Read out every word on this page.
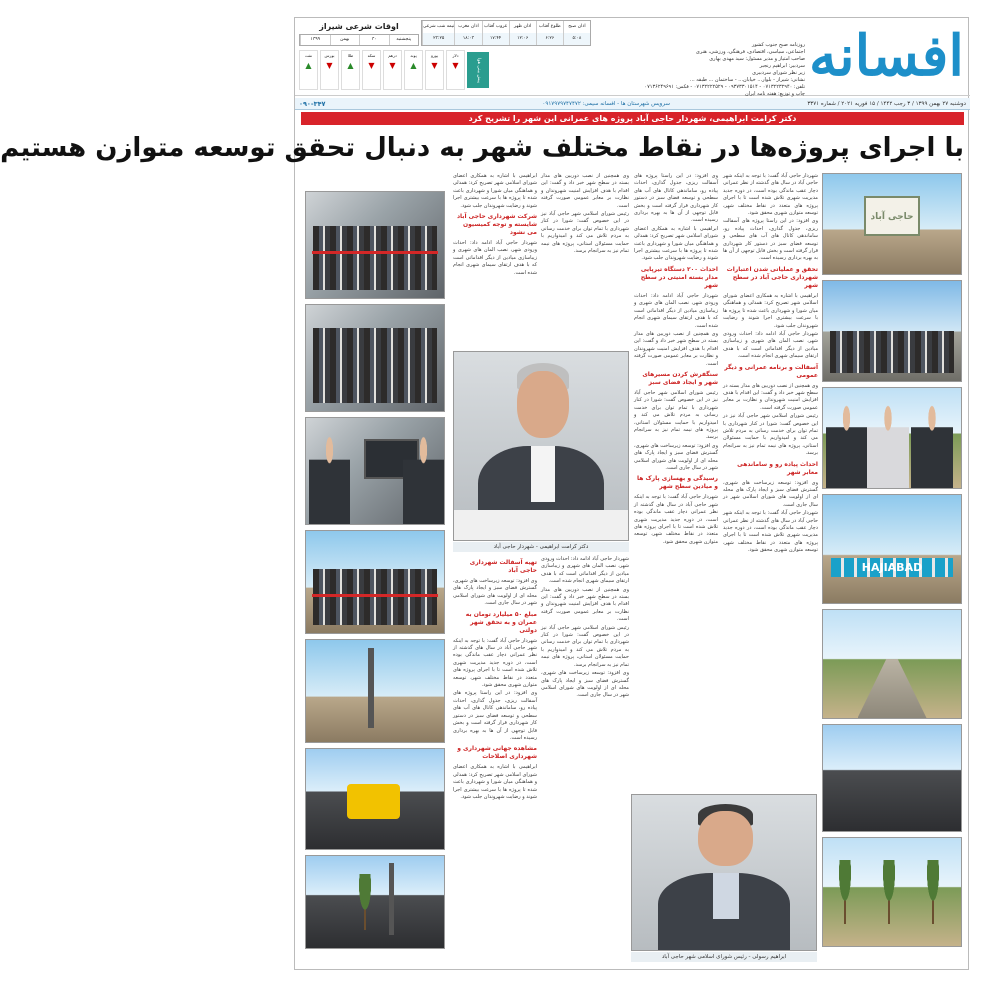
افسانه
روزنامه صبح جنوب کشور
اجتماعی، سیاسی، اقتصادی، فرهنگی، ورزشی، هنری
صاحب امتیاز و مدیر مسئول: سید مهدی بهاری
سردبیر: ابراهیم رنجبر
زیر نظر شورای سردبیری
نشانی: شیراز - بلوار... خیابان... - ساختمان ... طبقه ...
تلفن: ۰۷۱۳۲۲۳۲۹۴۰ - ۰۹۳۷۳۳۰۱۵۱۴ - ۰۷۱۳۲۲۲۲۵۲۹ - فکس: ۰۷۱۳۶۲۴۹۶۹۱
چاپ و توزیع: هفته نامه ایران
اوقات شرعی شیراز	اذان صبح
طلوع آفتاب
اذان ظهر
غروب آفتاب
اذان مغرب
نیمه شب شرعی
۵:۰۸
۶:۲۶
۱۲:۰۶
۱۷:۴۴
۱۸:۰۳
۲۳:۲۵
پنجشنبه
۳۰
بهمن
۱۳۹۹
دلار
▼
یورو
▼
پوند
▲
درهم
▼
سکه
▼
طلا
▲
بورس
▼
نفت
▲	پیش بینی هوا
دوشنبه ۲۷ بهمن ۱۳۹۹ / ۳ رجب ۱۴۴۲ / ۱۵ فوریه ۲۰۲۱ / شماره ۳۳۷۱
سرویس شهرستان ها - افسانه سیمی: ۰۹۱۷۹۷۹۷۴۷۴۷۲
۰۹۰-۳۴۷
دکتر کرامت ابراهیمی، شهردار حاجی آباد پروژه های عمرانی این شهر را تشریح کرد
با اجرای پروژه‌ها در نقاط مختلف شهر به دنبال تحقق توسعه متوازن هستیم
حاجی آباد
HAJIABAD
دکتر کرامت ابراهیمی - شهردار حاجی آباد
ابراهیم رسولی - رئیس شورای اسلامی شهر حاجی آباد

شهردار حاجی آباد گفت: با توجه به اینکه شهر حاجی آباد در سال های گذشته از نظر عمرانی دچار عقب ماندگی بوده است، در دوره جدید مدیریت شهری تلاش شده است تا با اجرای پروژه های متعدد در نقاط مختلف شهر، توسعه متوازن شهری محقق شود.

وی افزود: در این راستا پروژه های آسفالت ریزی، جدول گذاری، احداث پیاده رو، ساماندهی کانال های آب های سطحی و توسعه فضای سبز در دستور کار شهرداری قرار گرفته است و بخش قابل توجهی از آن ها به بهره برداری رسیده است.

تحقق و عملیاتی شدن اعتبارات شهرداری حاجی آباد در سطح شهر

ابراهیمی با اشاره به همکاری اعضای شورای اسلامی شهر تصریح کرد: همدلی و هماهنگی میان شورا و شهرداری باعث شده تا پروژه ها با سرعت بیشتری اجرا شوند و رضایت شهروندان جلب شود.

شهردار حاجی آباد ادامه داد: احداث ورودی شهر، نصب المان های شهری و زیباسازی میادین از دیگر اقداماتی است که با هدف ارتقای سیمای شهری انجام شده است.

آسفالت و برنامه عمرانی و دیگر عمومی

وی همچنین از نصب دوربین های مدار بسته در سطح شهر خبر داد و گفت: این اقدام با هدف افزایش امنیت شهروندان و نظارت بر معابر عمومی صورت گرفته است.

رئیس شورای اسلامی شهر حاجی آباد نیز در این خصوص گفت: شورا در کنار شهرداری با تمام توان برای خدمت رسانی به مردم تلاش می کند و امیدواریم با حمایت مسئولان استانی، پروژه های نیمه تمام نیز به سرانجام برسد.

احداث پیاده رو و ساماندهی معابر شهر

وی افزود: توسعه زیرساخت های شهری، گسترش فضای سبز و ایجاد پارک های محله ای از اولویت های شورای اسلامی شهر در سال جاری است.

شهردار حاجی آباد گفت: با توجه به اینکه شهر حاجی آباد در سال های گذشته از نظر عمرانی دچار عقب ماندگی بوده است، در دوره جدید مدیریت شهری تلاش شده است تا با اجرای پروژه های متعدد در نقاط مختلف شهر، توسعه متوازن شهری محقق شود.

وی افزود: در این راستا پروژه های آسفالت ریزی، جدول گذاری، احداث پیاده رو، ساماندهی کانال های آب های سطحی و توسعه فضای سبز در دستور کار شهرداری قرار گرفته است و بخش قابل توجهی از آن ها به بهره برداری رسیده است.

ابراهیمی با اشاره به همکاری اعضای شورای اسلامی شهر تصریح کرد: همدلی و هماهنگی میان شورا و شهرداری باعث شده تا پروژه ها با سرعت بیشتری اجرا شوند و رضایت شهروندان جلب شود.

احداث ۲۰۰ دستگاه تیرپایی مدار بسته امنیتی در سطح شهر

شهردار حاجی آباد ادامه داد: احداث ورودی شهر، نصب المان های شهری و زیباسازی میادین از دیگر اقداماتی است که با هدف ارتقای سیمای شهری انجام شده است.

وی همچنین از نصب دوربین های مدار بسته در سطح شهر خبر داد و گفت: این اقدام با هدف افزایش امنیت شهروندان و نظارت بر معابر عمومی صورت گرفته است.

سنگفرش کردن مسیرهای شهر و ایجاد فضای سبز

رئیس شورای اسلامی شهر حاجی آباد نیز در این خصوص گفت: شورا در کنار شهرداری با تمام توان برای خدمت رسانی به مردم تلاش می کند و امیدواریم با حمایت مسئولان استانی، پروژه های نیمه تمام نیز به سرانجام برسد.

وی افزود: توسعه زیرساخت های شهری، گسترش فضای سبز و ایجاد پارک های محله ای از اولویت های شورای اسلامی شهر در سال جاری است.

رسیدگی و بهسازی پارک ها و میادین سطح شهر

شهردار حاجی آباد گفت: با توجه به اینکه شهر حاجی آباد در سال های گذشته از نظر عمرانی دچار عقب ماندگی بوده است، در دوره جدید مدیریت شهری تلاش شده است تا با اجرای پروژه های متعدد در نقاط مختلف شهر، توسعه متوازن شهری محقق شود.

ابراهیمی با اشاره به همکاری اعضای شورای اسلامی شهر تصریح کرد: همدلی و هماهنگی میان شورا و شهرداری باعث شده تا پروژه ها با سرعت بیشتری اجرا شوند و رضایت شهروندان جلب شود.

شرکت شهرداری حاجی آباد شایسته و توجه کمیسیون می نشود

شهردار حاجی آباد ادامه داد: احداث ورودی شهر، نصب المان های شهری و زیباسازی میادین از دیگر اقداماتی است که با هدف ارتقای سیمای شهری انجام شده است.

وی همچنین از نصب دوربین های مدار بسته در سطح شهر خبر داد و گفت: این اقدام با هدف افزایش امنیت شهروندان و نظارت بر معابر عمومی صورت گرفته است.

رئیس شورای اسلامی شهر حاجی آباد نیز در این خصوص گفت: شورا در کنار شهرداری با تمام توان برای خدمت رسانی به مردم تلاش می کند و امیدواریم با حمایت مسئولان استانی، پروژه های نیمه تمام نیز به سرانجام برسد.

تهیه آسفالت شهرداری حاجی آباد

وی افزود: توسعه زیرساخت های شهری، گسترش فضای سبز و ایجاد پارک های محله ای از اولویت های شورای اسلامی شهر در سال جاری است.

مبلغ ۵۰ میلیارد تومان به عمران و به تحقق شهر دولتی

شهردار حاجی آباد گفت: با توجه به اینکه شهر حاجی آباد در سال های گذشته از نظر عمرانی دچار عقب ماندگی بوده است، در دوره جدید مدیریت شهری تلاش شده است تا با اجرای پروژه های متعدد در نقاط مختلف شهر، توسعه متوازن شهری محقق شود.

وی افزود: در این راستا پروژه های آسفالت ریزی، جدول گذاری، احداث پیاده رو، ساماندهی کانال های آب های سطحی و توسعه فضای سبز در دستور کار شهرداری قرار گرفته است و بخش قابل توجهی از آن ها به بهره برداری رسیده است.

مشاهده جهانی شهرداری و شهرداری اصلاحات

ابراهیمی با اشاره به همکاری اعضای شورای اسلامی شهر تصریح کرد: همدلی و هماهنگی میان شورا و شهرداری باعث شده تا پروژه ها با سرعت بیشتری اجرا شوند و رضایت شهروندان جلب شود.

شهردار حاجی آباد ادامه داد: احداث ورودی شهر، نصب المان های شهری و زیباسازی میادین از دیگر اقداماتی است که با هدف ارتقای سیمای شهری انجام شده است.

وی همچنین از نصب دوربین های مدار بسته در سطح شهر خبر داد و گفت: این اقدام با هدف افزایش امنیت شهروندان و نظارت بر معابر عمومی صورت گرفته است.

رئیس شورای اسلامی شهر حاجی آباد نیز در این خصوص گفت: شورا در کنار شهرداری با تمام توان برای خدمت رسانی به مردم تلاش می کند و امیدواریم با حمایت مسئولان استانی، پروژه های نیمه تمام نیز به سرانجام برسد.

وی افزود: توسعه زیرساخت های شهری، گسترش فضای سبز و ایجاد پارک های محله ای از اولویت های شورای اسلامی شهر در سال جاری است.
